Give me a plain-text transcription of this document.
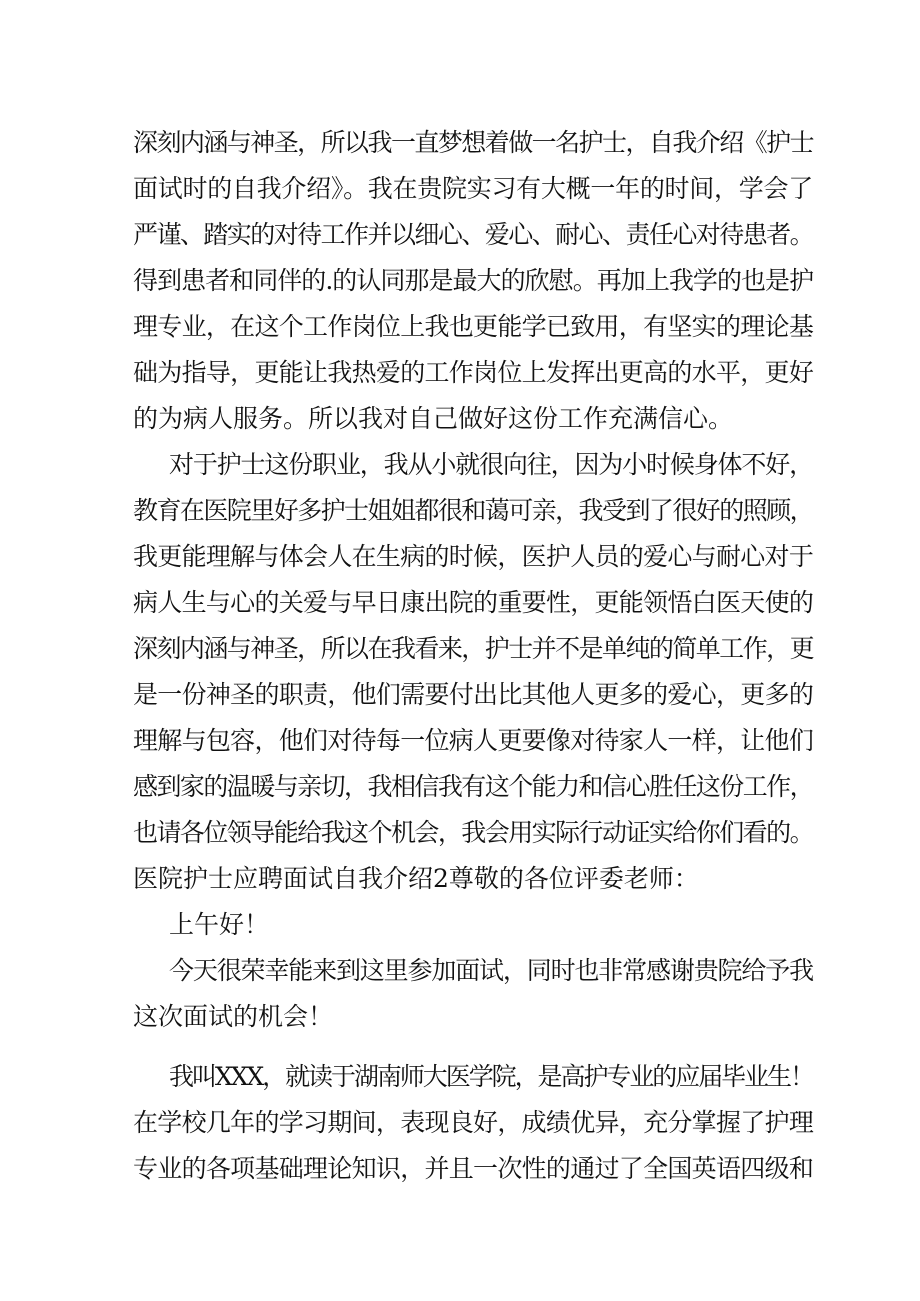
深刻内涵与神圣，所以我一直梦想着做一名护士，自我介绍《护士
面试时的自我介绍》。我在贵院实习有大概一年的时间，学会了
严谨、踏实的对待工作并以细心、爱心、耐心、责任心对待患者。
得到患者和同伴的.的认同那是最大的欣慰。再加上我学的也是护
理专业，在这个工作岗位上我也更能学已致用，有坚实的理论基
础为指导，更能让我热爱的工作岗位上发挥出更高的水平，更好
的为病人服务。所以我对自己做好这份工作充满信心。
对于护士这份职业，我从小就很向往，因为小时候身体不好，
教育在医院里好多护士姐姐都很和蔼可亲，我受到了很好的照顾，
我更能理解与体会人在生病的时候，医护人员的爱心与耐心对于
病人生与心的关爱与早日康出院的重要性，更能领悟白医天使的
深刻内涵与神圣，所以在我看来，护士并不是单纯的简单工作，更
是一份神圣的职责，他们需要付出比其他人更多的爱心，更多的
理解与包容，他们对待每一位病人更要像对待家人一样，让他们
感到家的温暖与亲切，我相信我有这个能力和信心胜任这份工作，
也请各位领导能给我这个机会，我会用实际行动证实给你们看的。
医院护士应聘面试自我介绍2尊敬的各位评委老师：
上午好！
今天很荣幸能来到这里参加面试，同时也非常感谢贵院给予我
这次面试的机会！
我叫XXX，就读于湖南师大医学院，是高护专业的应届毕业生！
在学校几年的学习期间，表现良好，成绩优异，充分掌握了护理
专业的各项基础理论知识，并且一次性的通过了全国英语四级和
